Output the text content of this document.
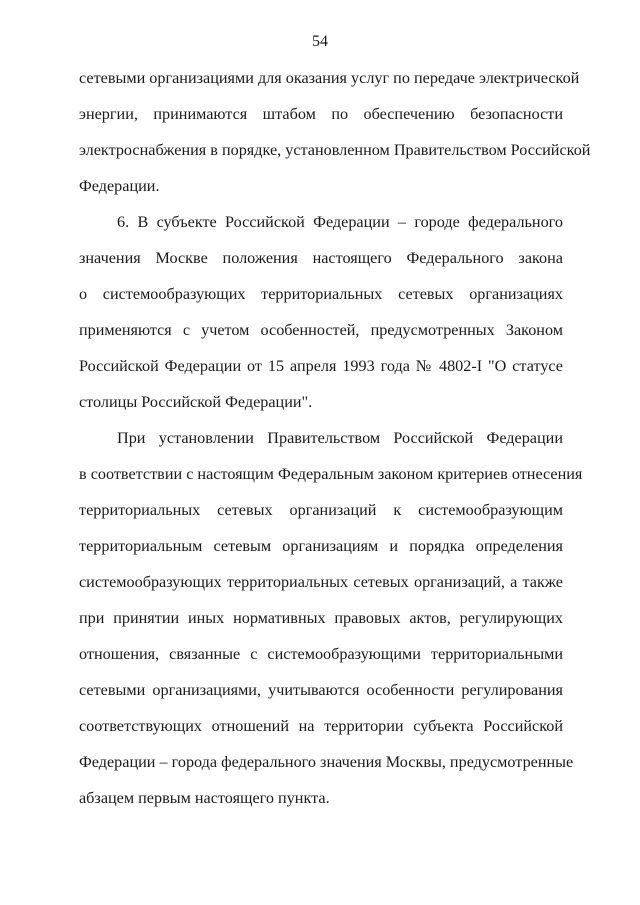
54
сетевыми организациями для оказания услуг по передаче электрической
энергии, принимаются штабом по обеспечению безопасности
электроснабжения в порядке, установленном Правительством Российской
Федерации.
6. В субъекте Российской Федерации – городе федерального
значения Москве положения настоящего Федерального закона
о системообразующих территориальных сетевых организациях
применяются с учетом особенностей, предусмотренных Законом
Российской Федерации от 15 апреля 1993 года № 4802-I "О статусе
столицы Российской Федерации".
При установлении Правительством Российской Федерации
в соответствии с настоящим Федеральным законом критериев отнесения
территориальных сетевых организаций к системообразующим
территориальным сетевым организациям и порядка определения
системообразующих территориальных сетевых организаций, а также
при принятии иных нормативных правовых актов, регулирующих
отношения, связанные с системообразующими территориальными
сетевыми организациями, учитываются особенности регулирования
соответствующих отношений на территории субъекта Российской
Федерации – города федерального значения Москвы, предусмотренные
абзацем первым настоящего пункта.
